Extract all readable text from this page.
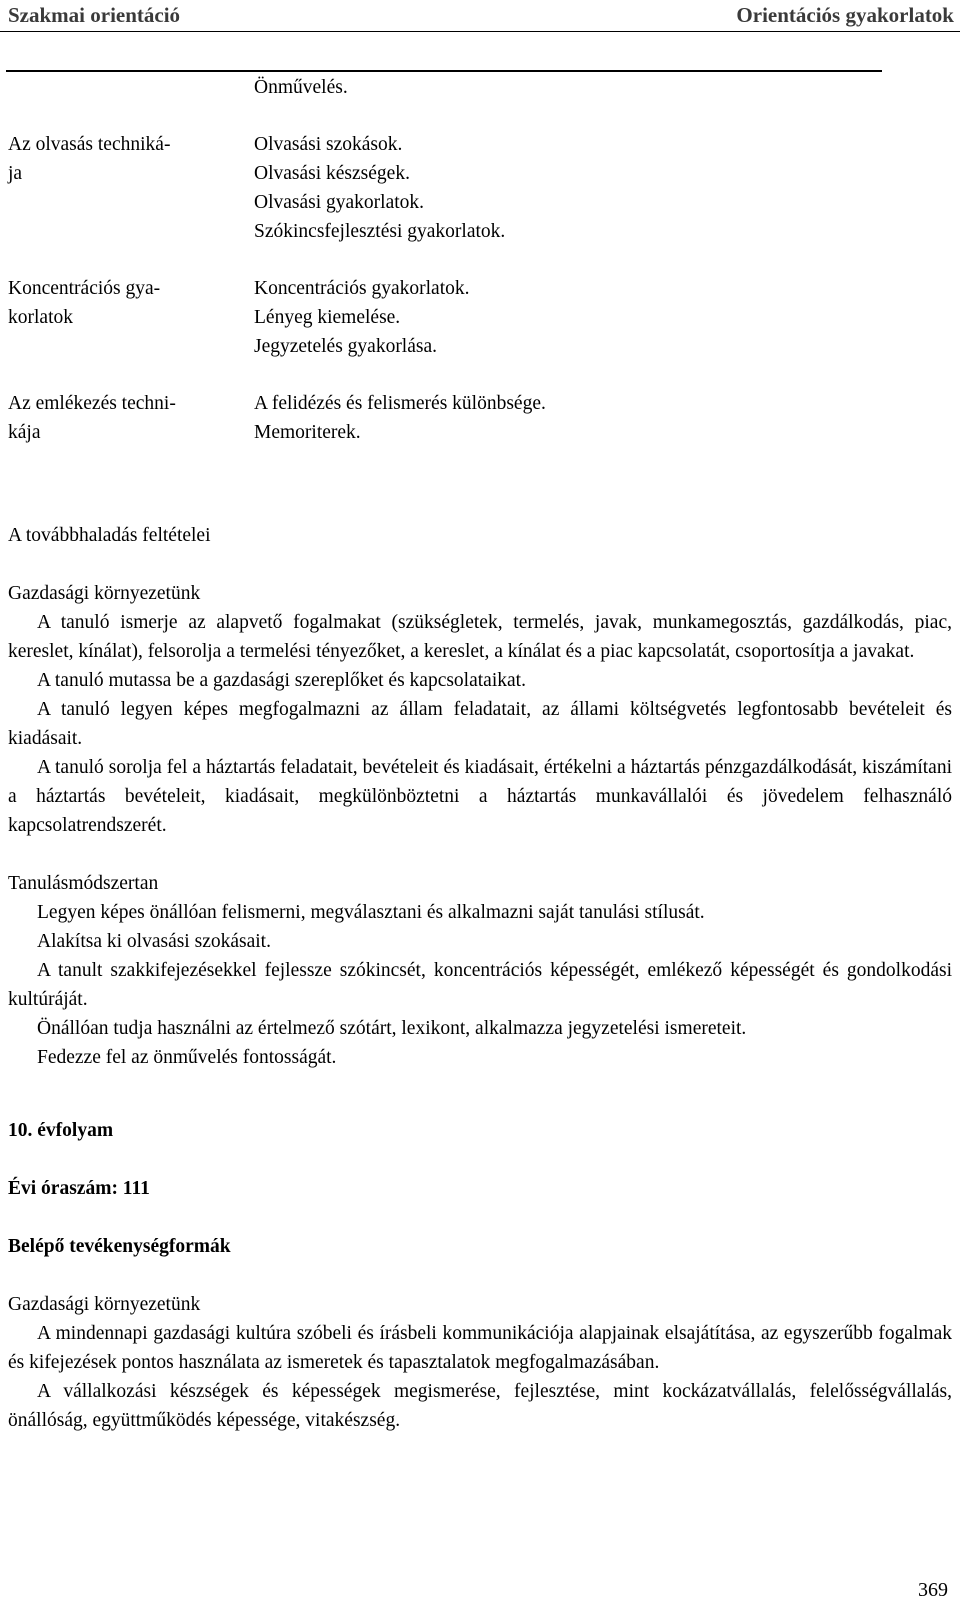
Szakmai orientáció	Orientációs gyakorlatok
Önművelés.
Az olvasás techniká-
ja
Olvasási szokások.
Olvasási készségek.
Olvasási gyakorlatok.
Szókincsfejlesztési gyakorlatok.
Koncentrációs gya-
korlatok
Koncentrációs gyakorlatok.
Lényeg kiemelése.
Jegyzetelés gyakorlása.
Az emlékezés techni-
kája
A felidézés és felismerés különbsége.
Memoriterek.
A továbbhaladás feltételei
Gazdasági környezetünk
A tanuló ismerje az alapvető fogalmakat (szükségletek, termelés, javak, munkamegosztás, gazdálkodás, piac, kereslet, kínálat), felsorolja a termelési tényezőket, a kereslet, a kínálat és a piac kapcsolatát, csoportosítja a javakat.
A tanuló mutassa be a gazdasági szereplőket és kapcsolataikat.
A tanuló legyen képes megfogalmazni az állam feladatait, az állami költségvetés legfontosabb bevételeit és kiadásait.
A tanuló sorolja fel a háztartás feladatait, bevételeit és kiadásait, értékelni a háztartás pénzgazdálkodását, kiszámítani a háztartás bevételeit, kiadásait, megkülönböztetni a háztartás munkavállalói és jövedelem felhasználó kapcsolatrendszerét.
Tanulásmódszertan
Legyen képes önállóan felismerni, megválasztani és alkalmazni saját tanulási stílusát.
Alakítsa ki olvasási szokásait.
A tanult szakkifejezésekkel fejlessze szókincsét, koncentrációs képességét, emlékező képességét és gondolkodási kultúráját.
Önállóan tudja használni az értelmező szótárt, lexikont, alkalmazza jegyzetelési ismereteit.
Fedezze fel az önművelés fontosságát.
10. évfolyam
Évi óraszám: 111
Belépő tevékenységformák
Gazdasági környezetünk
A mindennapi gazdasági kultúra szóbeli és írásbeli kommunikációja alapjainak elsajátítása, az egyszerűbb fogalmak és kifejezések pontos használata az ismeretek és tapasztalatok megfogalmazásában.
A vállalkozási készségek és képességek megismerése, fejlesztése, mint kockázatvállalás, felelősségvállalás, önállóság, együttműködés képessége, vitakészség.
369
